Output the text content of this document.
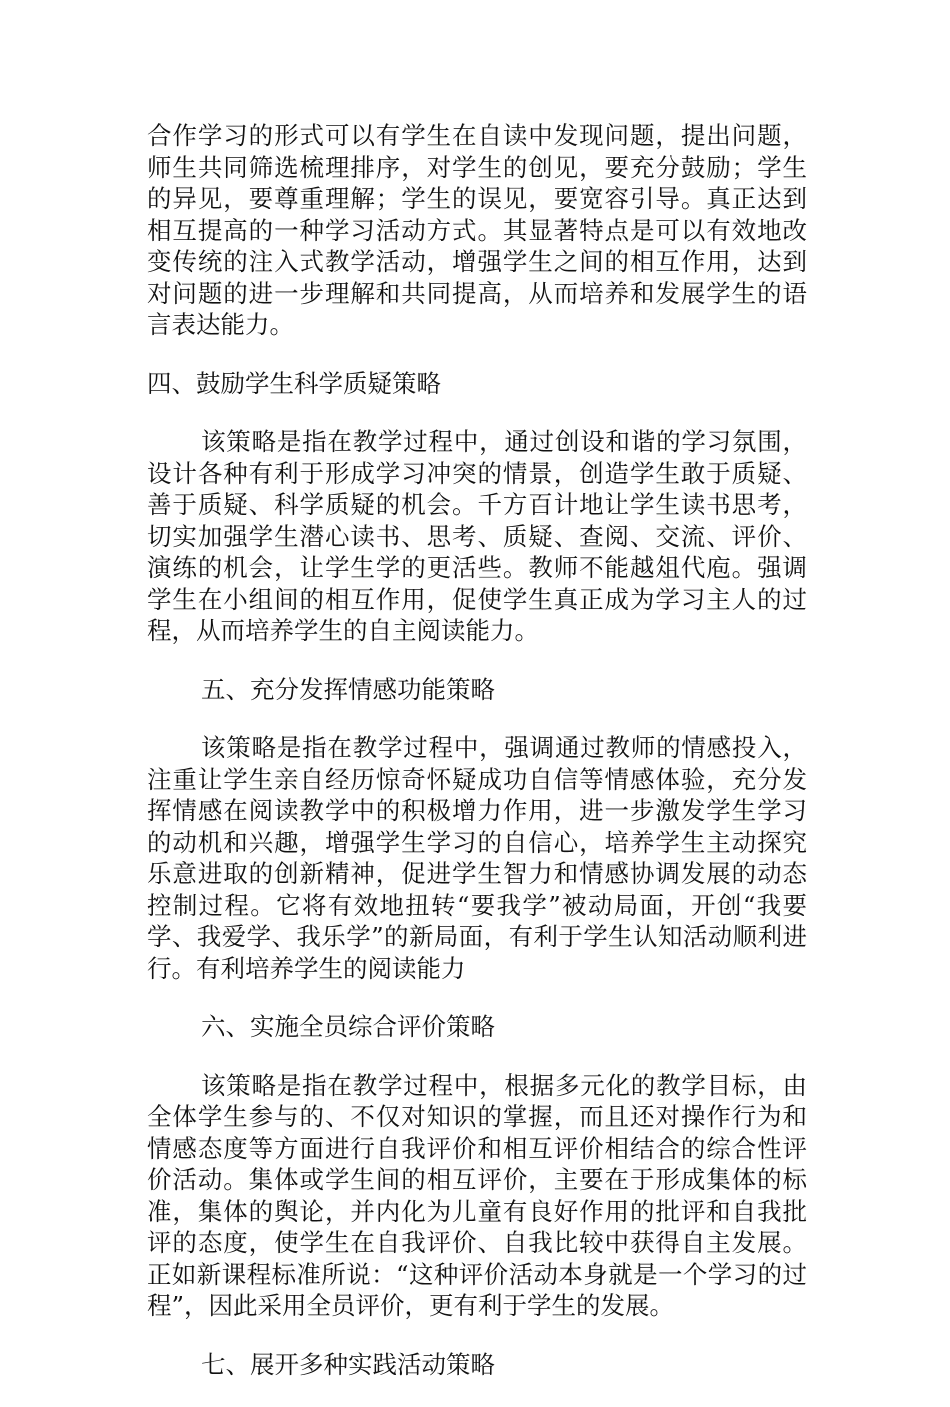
合作学习的形式可以有学生在自读中发现问题，提出问题，师生共同筛选梳理排序，对学生的创见，要充分鼓励；学生的异见，要尊重理解；学生的误见，要宽容引导。真正达到相互提高的一种学习活动方式。其显著特点是可以有效地改变传统的注入式教学活动，增强学生之间的相互作用，达到对问题的进一步理解和共同提高，从而培养和发展学生的语言表达能力。

四、鼓励学生科学质疑策略

该策略是指在教学过程中，通过创设和谐的学习氛围，设计各种有利于形成学习冲突的情景，创造学生敢于质疑、善于质疑、科学质疑的机会。千方百计地让学生读书思考，切实加强学生潜心读书、思考、质疑、查阅、交流、评价、演练的机会，让学生学的更活些。教师不能越俎代庖。强调学生在小组间的相互作用，促使学生真正成为学习主人的过程，从而培养学生的自主阅读能力。

五、充分发挥情感功能策略

该策略是指在教学过程中，强调通过教师的情感投入，注重让学生亲自经历惊奇怀疑成功自信等情感体验，充分发挥情感在阅读教学中的积极增力作用，进一步激发学生学习的动机和兴趣，增强学生学习的自信心，培养学生主动探究乐意进取的创新精神，促进学生智力和情感协调发展的动态控制过程。它将有效地扭转“要我学”被动局面，开创“我要学、我爱学、我乐学”的新局面，有利于学生认知活动顺利进行。有利培养学生的阅读能力

六、实施全员综合评价策略

该策略是指在教学过程中，根据多元化的教学目标，由全体学生参与的、不仅对知识的掌握，而且还对操作行为和情感态度等方面进行自我评价和相互评价相结合的综合性评价活动。集体或学生间的相互评价，主要在于形成集体的标准，集体的舆论，并内化为儿童有良好作用的批评和自我批评的态度，使学生在自我评价、自我比较中获得自主发展。正如新课程标准所说：“这种评价活动本身就是一个学习的过程”，因此采用全员评价，更有利于学生的发展。

七、展开多种实践活动策略
